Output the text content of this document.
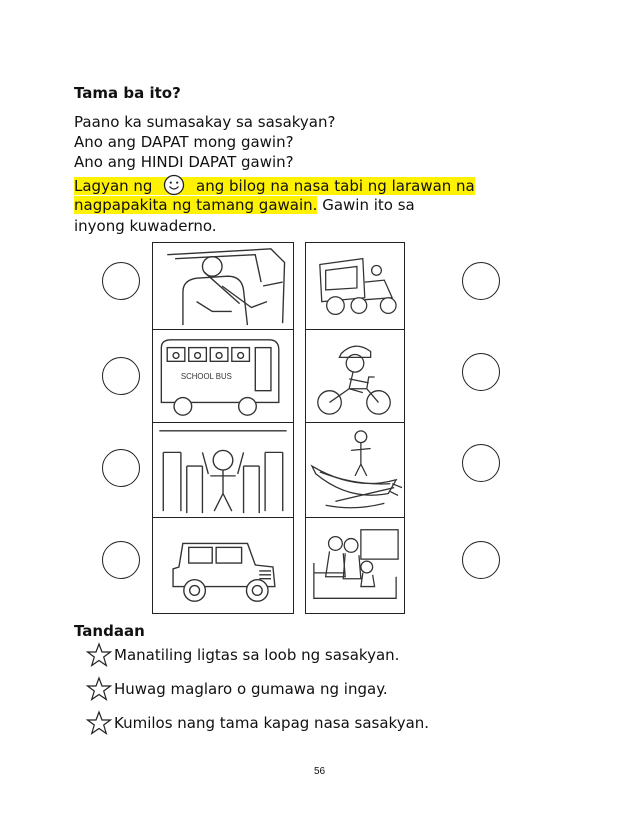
Tama ba ito?
Paano ka sumasakay sa sasakyan?
Ano ang DAPAT mong gawin?
Ano ang HINDI DAPAT gawin?
Lagyan ng	ang bilog na nasa tabi ng larawan na
nagpapakita ng tamang gawain. Gawin ito sa
inyong kuwaderno.
SCHOOL BUS
Tandaan
Manatiling ligtas sa loob ng sasakyan.
Huwag maglaro o gumawa ng ingay.
Kumilos nang tama kapag nasa sasakyan.
56
